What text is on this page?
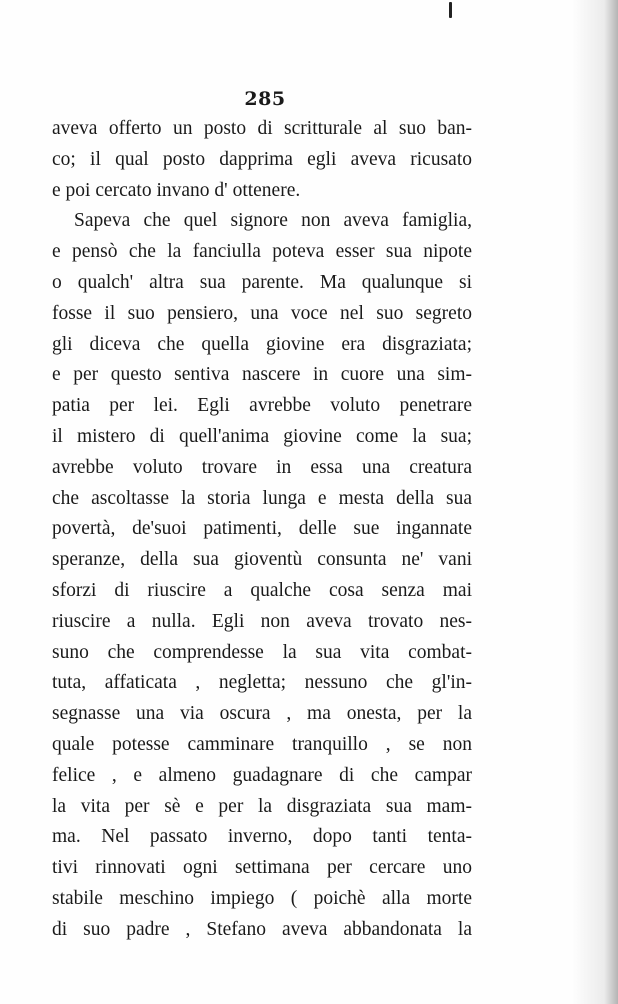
285
aveva offerto un posto di scritturale al suo ban-
co; il qual posto dapprima egli aveva ricusato
e poi cercato invano d' ottenere.
Sapeva che quel signore non aveva famiglia,
e pensò che la fanciulla poteva esser sua nipote
o qualch' altra sua parente. Ma qualunque si
fosse il suo pensiero, una voce nel suo segreto
gli diceva che quella giovine era disgraziata;
e per questo sentiva nascere in cuore una sim-
patia per lei. Egli avrebbe voluto penetrare
il mistero di quell'anima giovine come la sua;
avrebbe voluto trovare in essa una creatura
che ascoltasse la storia lunga e mesta della sua
povertà, de'suoi patimenti, delle sue ingannate
speranze, della sua gioventù consunta ne' vani
sforzi di riuscire a qualche cosa senza mai
riuscire a nulla. Egli non aveva trovato nes-
suno che comprendesse la sua vita combat-
tuta, affaticata , negletta; nessuno che gl'in-
segnasse una via oscura , ma onesta, per la
quale potesse camminare tranquillo , se non
felice , e almeno guadagnare di che campar
la vita per sè e per la disgraziata sua mam-
ma. Nel passato inverno, dopo tanti tenta-
tivi rinnovati ogni settimana per cercare uno
stabile meschino impiego ( poichè alla morte
di suo padre , Stefano aveva abbandonata la
